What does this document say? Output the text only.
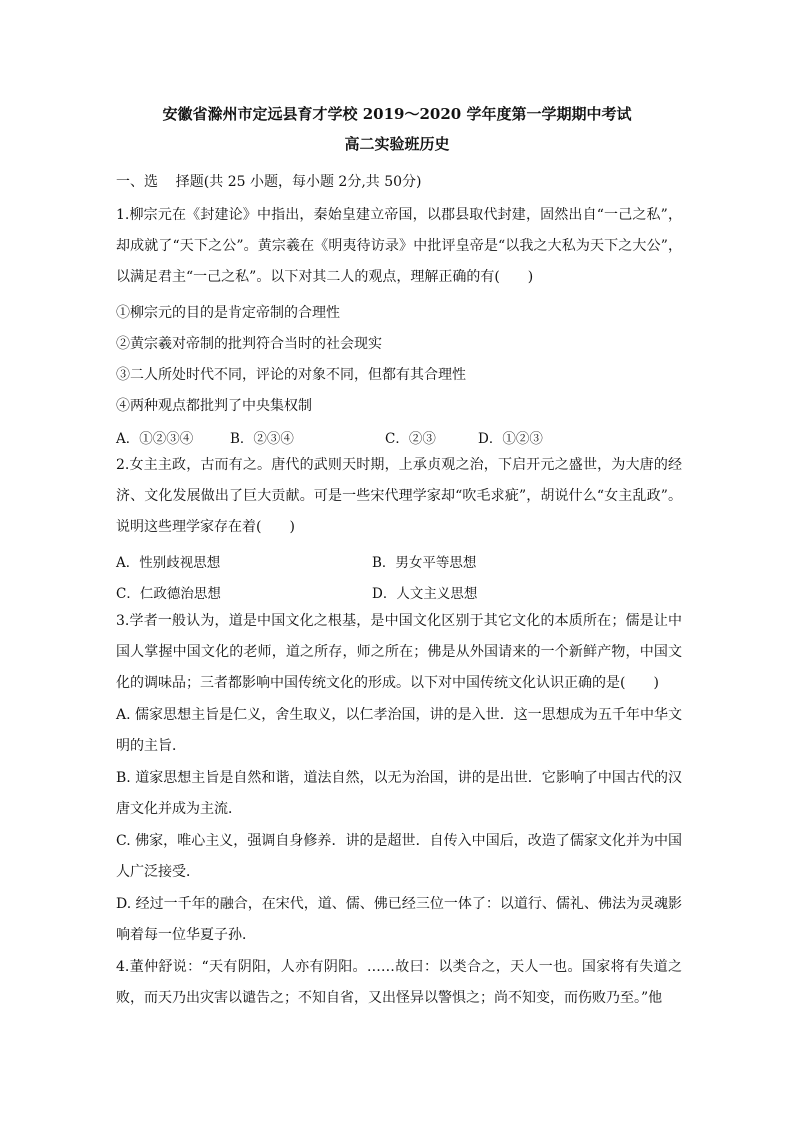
安徽省滁州市定远县育才学校 2019～2020 学年度第一学期期中考试
高二实验班历史
一、选    择题(共 25 小题，每小题 2分,共 50分)
1.柳宗元在《封建论》中指出，秦始皇建立帝国，以郡县取代封建，固然出自“一己之私”，却成就了“天下之公”。黄宗羲在《明夷待访录》中批评皇帝是“以我之大私为天下之大公”，以满足君主“一己之私”。以下对其二人的观点，理解正确的有(　　)
①柳宗元的目的是肯定帝制的合理性
②黄宗羲对帝制的批判符合当时的社会现实
③二人所处时代不同，评论的对象不同，但都有其合理性
④两种观点都批判了中央集权制
A．①②③④	B．②③④	C．②③	D．①②③
2.女主主政，古而有之。唐代的武则天时期，上承贞观之治，下启开元之盛世，为大唐的经济、文化发展做出了巨大贡献。可是一些宋代理学家却“吹毛求疵”，胡说什么“女主乱政”。说明这些理学家存在着(　　)
A．性别歧视思想	B．男女平等思想
C．仁政德治思想	D．人文主义思想
3.学者一般认为，道是中国文化之根基，是中国文化区别于其它文化的本质所在；儒是让中国人掌握中国文化的老师，道之所存，师之所在；佛是从外国请来的一个新鲜产物，中国文化的调味品；三者都影响中国传统文化的形成。以下对中国传统文化认识正确的是(　　)
A. 儒家思想主旨是仁义，舍生取义，以仁孝治国，讲的是入世．这一思想成为五千年中华文明的主旨．
B. 道家思想主旨是自然和谐，道法自然，以无为治国，讲的是出世．它影响了中国古代的汉唐文化并成为主流．
C. 佛家，唯心主义，强调自身修养．讲的是超世．自传入中国后，改造了儒家文化并为中国人广泛接受．
D. 经过一千年的融合，在宋代，道、儒、佛已经三位一体了：以道行、儒礼、佛法为灵魂影响着每一位华夏子孙．
4.董仲舒说：“天有阴阳，人亦有阴阳。……故曰：以类合之，天人一也。国家将有失道之败，而天乃出灾害以谴告之；不知自省，又出怪异以警惧之；尚不知变，而伤败乃至。”他
